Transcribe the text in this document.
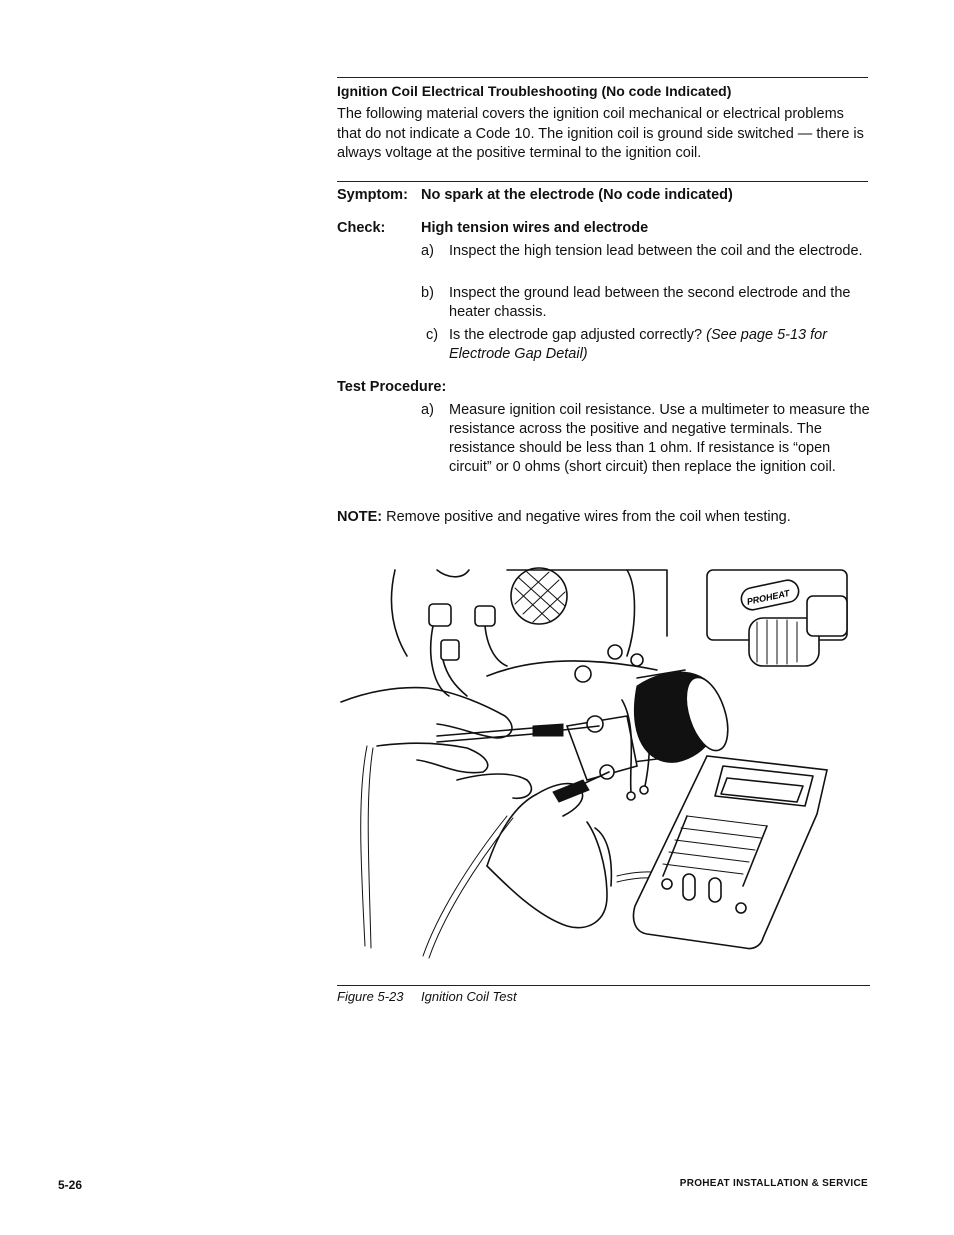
Ignition Coil Electrical Troubleshooting (No code Indicated)
The following material covers the ignition coil mechanical or electrical problems that do not indicate a Code 10. The ignition coil is ground side switched — there is always voltage at the positive terminal to the ignition coil.
Symptom: No spark at the electrode (No code indicated)
Check: High tension wires and electrode
a) Inspect the high tension lead between the coil and the electrode.
b) Inspect the ground lead between the second electrode and the heater chassis.
c) Is the electrode gap adjusted correctly? (See page 5-13 for Electrode Gap Detail)
Test Procedure:
a) Measure ignition coil resistance. Use a multimeter to measure the resistance across the positive and negative terminals. The resistance should be less than 1 ohm. If resistance is “open circuit” or 0 ohms (short circuit) then replace the ignition coil.
NOTE: Remove positive and negative wires from the coil when testing.
PROHEAT
Figure 5-23 Ignition Coil Test
5-26	PROHEAT INSTALLATION & SERVICE
